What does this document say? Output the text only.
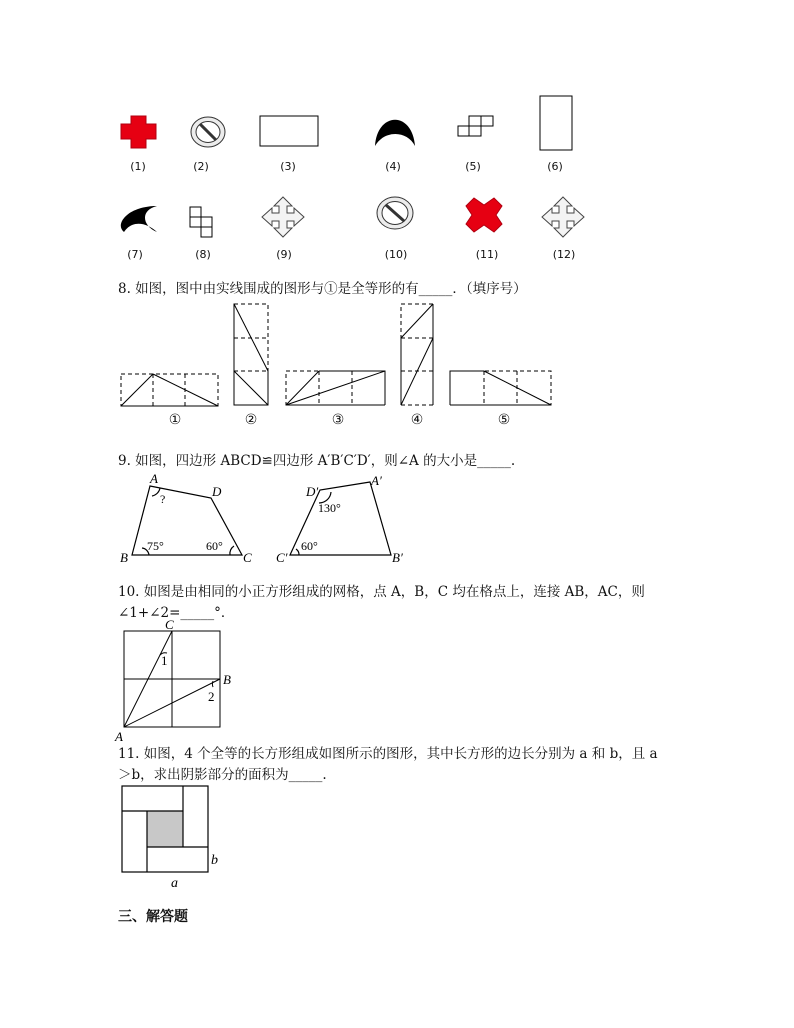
(1)	(2)	(3)	(4)	(5)	(6)
(7)	(8)	(9)	(10)	(11)	(12)
8. 如图，图中由实线围成的图形与①是全等形的有_____．（填序号）
①	②	③	④	⑤
9. 如图，四边形 ABCD≌四边形 A′B′C′D′，则∠A 的大小是_____.
A
D
B	C
D′
A′
C′	B′
?
75°	60°
130°
60°
10. 如图是由相同的小正方形组成的网格，点 A，B，C 均在格点上，连接 AB，AC，则
∠1+∠2=_____°．
C
B
A
1
2
11. 如图，4 个全等的长方形组成如图所示的图形，其中长方形的边长分别为 a 和 b，且 a
＞b，求出阴影部分的面积为_____.
b
a
三、解答题
